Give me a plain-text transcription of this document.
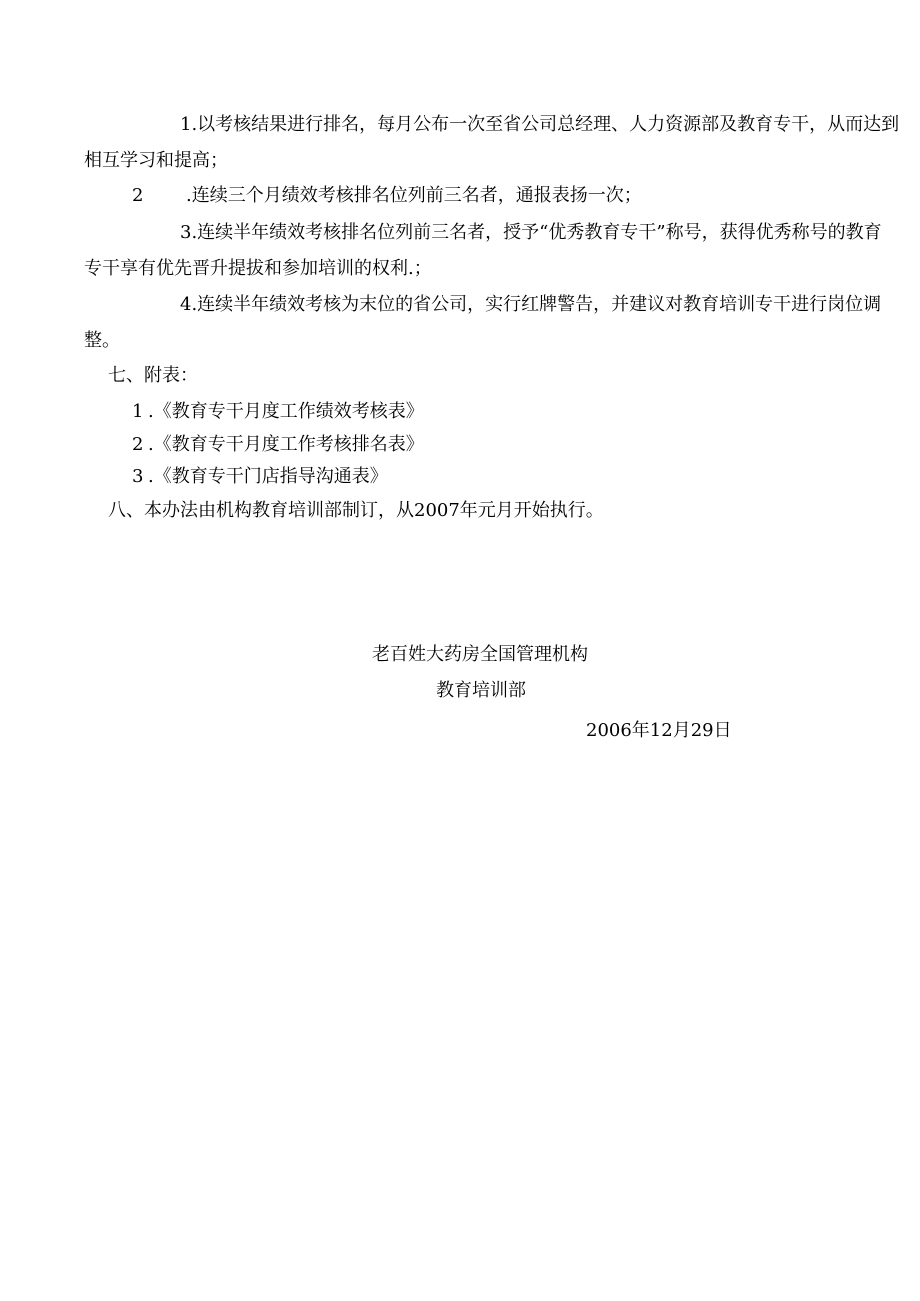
1.以考核结果进行排名，每月公布一次至省公司总经理、人力资源部及教育专干，从而达到
相互学习和提高；

2 .连续三个月绩效考核排名位列前三名者，通报表扬一次；

3.连续半年绩效考核排名位列前三名者，授予“优秀教育专干”称号，获得优秀称号的教育
专干享有优先晋升提拔和参加培训的权利.；
4.连续半年绩效考核为末位的省公司，实行红牌警告，并建议对教育培训专干进行岗位调
整。

七、附表：

1 .《教育专干月度工作绩效考核表》

2 .《教育专干月度工作考核排名表》

3 .《教育专干门店指导沟通表》

八、本办法由机构教育培训部制订，从2007年元月开始执行。

老百姓大药房全国管理机构

教育培训部

2006年12月29日
